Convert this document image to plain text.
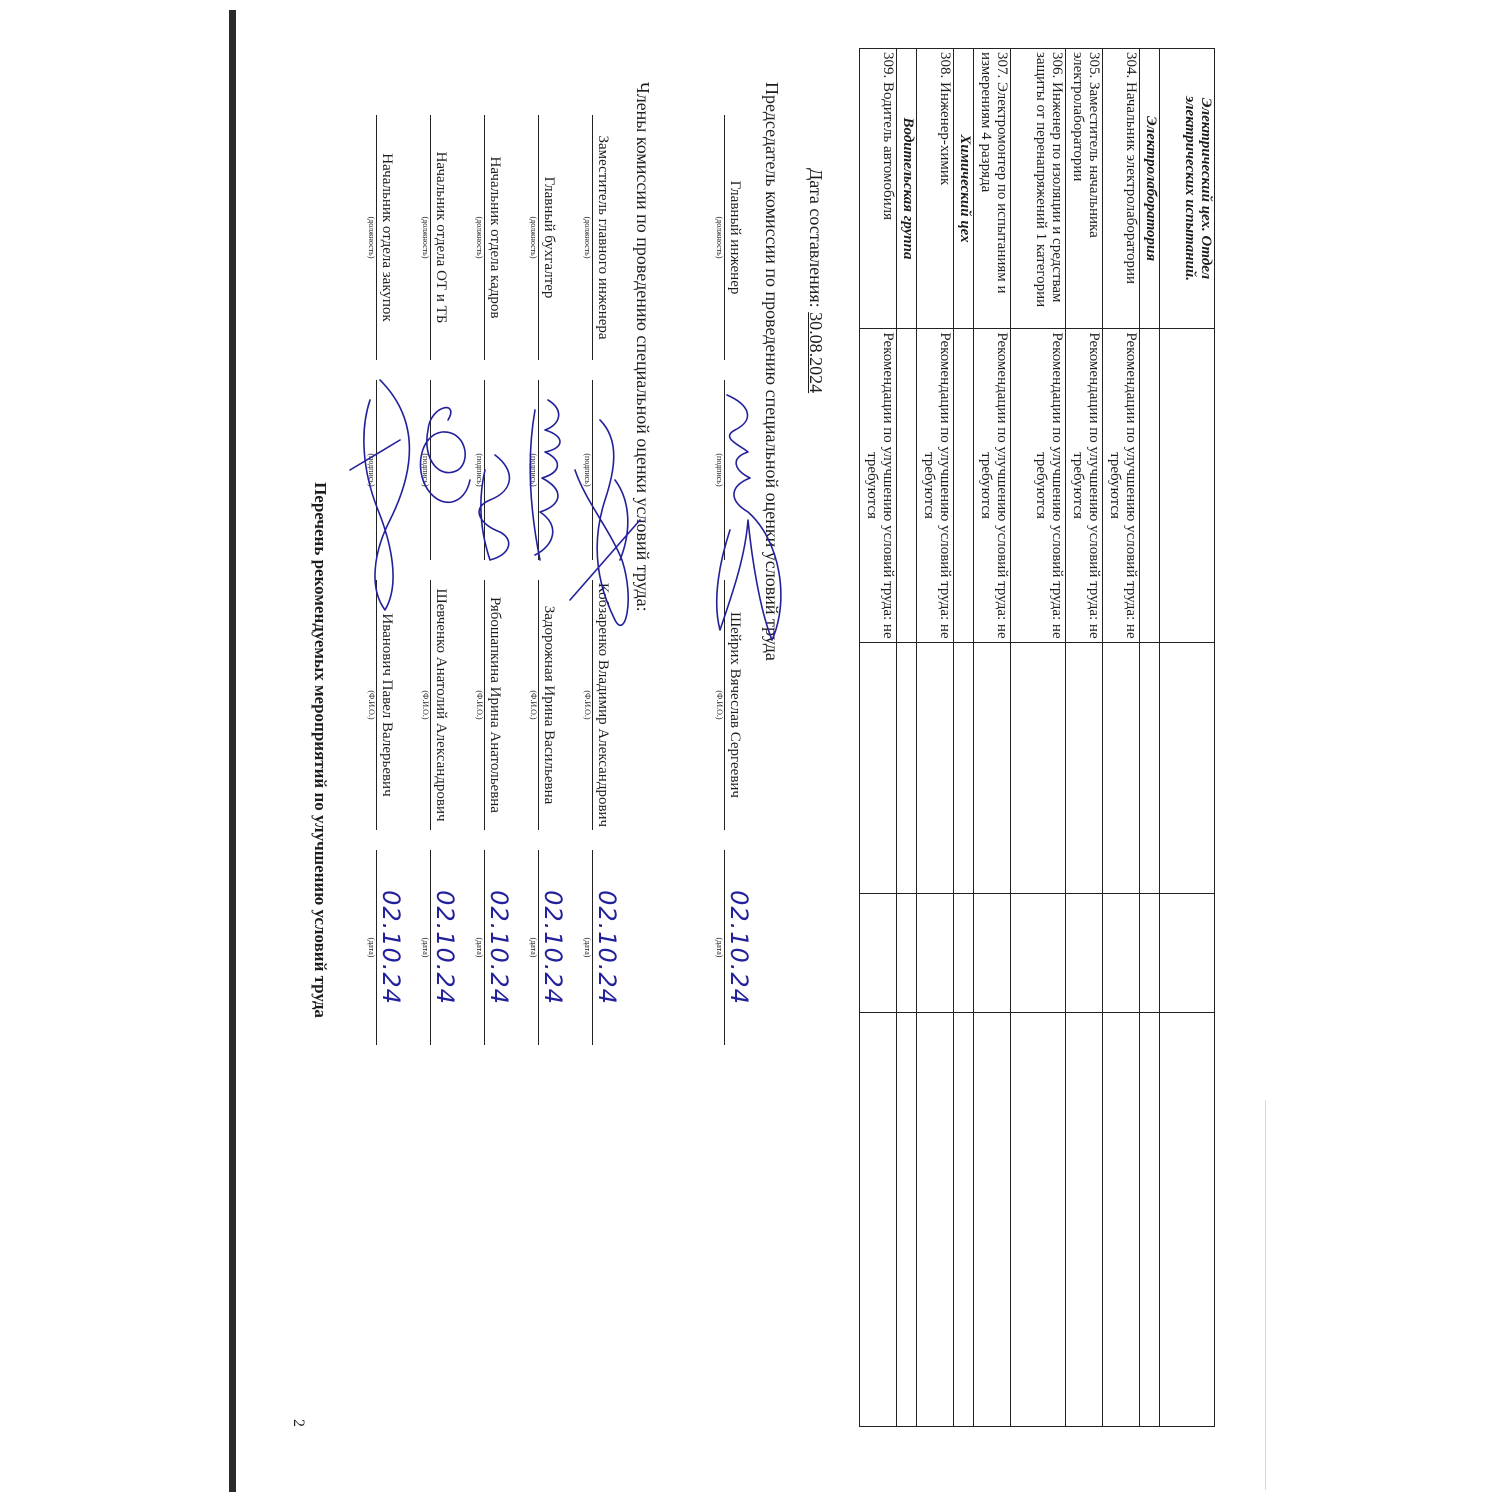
2
Электрический цех. Отдел электрических испытаний.				
Электролаборатория				
304. Начальник электролаборатории	Рекомендации по улучшению условий труда: не требуются			
305. Заместитель начальника электролаборатории	Рекомендации по улучшению условий труда: не требуются			
306. Инженер по изоляции и средствам защиты от перенапряжений 1 категории	Рекомендации по улучшению условий труда: не требуются			
307. Электромонтер по испытаниям и измерениям 4 разряда	Рекомендации по улучшению условий труда: не требуются			
Химический цех				
308. Инженер-химик	Рекомендации по улучшению условий труда: не требуются			
Водительская группа				
309. Водитель автомобиля	Рекомендации по улучшению условий труда: не требуются			
Дата составления: 30.08.2024
Председатель комиссии по проведению специальной оценки условий труда
Главный инженер
(должность)
(подпись)
Шейрих Вячеслав Сергеевич
(Ф.И.О.)
02.10.24
(дата)
Члены комиссии по проведению специальной оценки условий труда:
Заместитель главного инженера
(должность)
(подпись)
Кобзаренко Владимир Александрович
(Ф.И.О.)
02.10.24
(дата)
Главный бухгалтер
(должность)
(подпись)
Задорожная Ирина Васильевна
(Ф.И.О.)
02.10.24
(дата)
Начальник отдела кадров
(должность)
(подпись)
Рябошапкина Ирина Анатольевна
(Ф.И.О.)
02.10.24
(дата)
Начальник отдела ОТ и ТБ
(должность)
(подпись)
Шевченко Анатолий Александрович
(Ф.И.О.)
02.10.24
(дата)
Начальник отдела закупок
(должность)
(подпись)
Иванович Павел Валерьевич
(Ф.И.О.)
02.10.24
(дата)
Перечень рекомендуемых мероприятий по улучшению условий труда
